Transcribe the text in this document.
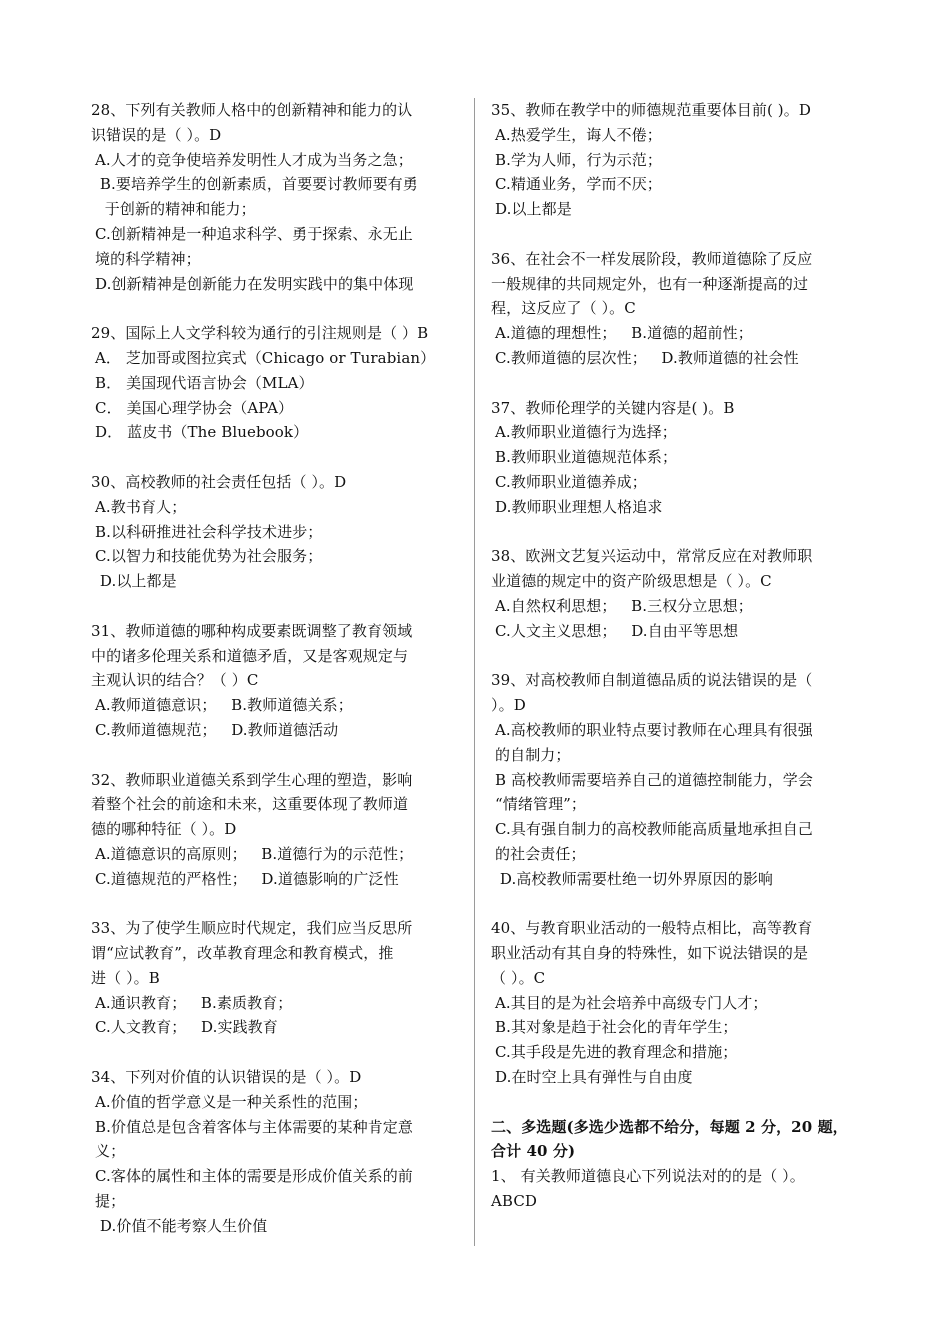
28、下列有关教师人格中的创新精神和能力的认
识错误的是（ ）。D
A.人才的竞争使培养发明性人才成为当务之急；
B.要培养学生的创新素质，首要要讨教师要有勇
于创新的精神和能力；
C.创新精神是一种追求科学、勇于探索、永无止
境的科学精神；
D.创新精神是创新能力在发明实践中的集中体现
29、国际上人文学科较为通行的引注规则是（ ）B
A． 芝加哥或图拉宾式（Chicago or Turabian）
B． 美国现代语言协会（MLA）
C． 美国心理学协会（APA）
D． 蓝皮书（The Bluebook）
30、高校教师的社会责任包括（ ）。D
A.教书育人；
B.以科研推进社会科学技术进步；
C.以智力和技能优势为社会服务；
D.以上都是
31、教师道德的哪种构成要素既调整了教育领域
中的诸多伦理关系和道德矛盾，又是客观规定与
主观认识的结合？（ ）C
A.教师道德意识；   B.教师道德关系；
C.教师道德规范；   D.教师道德活动
32、教师职业道德关系到学生心理的塑造，影响
着整个社会的前途和未来，这重要体现了教师道
德的哪种特征（ ）。D
A.道德意识的高原则；   B.道德行为的示范性；
C.道德规范的严格性；   D.道德影响的广泛性
33、为了使学生顺应时代规定，我们应当反思所
谓“应试教育”，改革教育理念和教育模式，推
进（ ）。B
A.通识教育；   B.素质教育；
C.人文教育；   D.实践教育
34、下列对价值的认识错误的是（ ）。D
A.价值的哲学意义是一种关系性的范围；
B.价值总是包含着客体与主体需要的某种肯定意
义；
C.客体的属性和主体的需要是形成价值关系的前
提；
D.价值不能考察人生价值
35、教师在教学中的师德规范重要体目前( )。D
A.热爱学生，诲人不倦；
B.学为人师，行为示范；
C.精通业务，学而不厌；
D.以上都是
36、在社会不一样发展阶段，教师道德除了反应
一般规律的共同规定外，也有一种逐渐提高的过
程，这反应了（ ）。C
A.道德的理想性；   B.道德的超前性；
C.教师道德的层次性；   D.教师道德的社会性
37、教师伦理学的关键内容是( )。B
A.教师职业道德行为选择；
B.教师职业道德规范体系；
C.教师职业道德养成；
D.教师职业理想人格追求
38、欧洲文艺复兴运动中，常常反应在对教师职
业道德的规定中的资产阶级思想是（ ）。C
A.自然权利思想；   B.三权分立思想；
C.人文主义思想；   D.自由平等思想
39、对高校教师自制道德品质的说法错误的是（
）。D
A.高校教师的职业特点要讨教师在心理具有很强
的自制力；
B 高校教师需要培养自己的道德控制能力，学会
“情绪管理”；
C.具有强自制力的高校教师能高质量地承担自己
的社会责任；
D.高校教师需要杜绝一切外界原因的影响
40、与教育职业活动的一般特点相比，高等教育
职业活动有其自身的特殊性，如下说法错误的是
（ ）。C
A.其目的是为社会培养中高级专门人才；
B.其对象是趋于社会化的青年学生；
C.其手段是先进的教育理念和措施；
D.在时空上具有弹性与自由度
二、多选题(多选少选都不给分，每题 2 分，20 题，
合计 40 分)
1、 有关教师道德良心下列说法对的的是（ ）。
ABCD
